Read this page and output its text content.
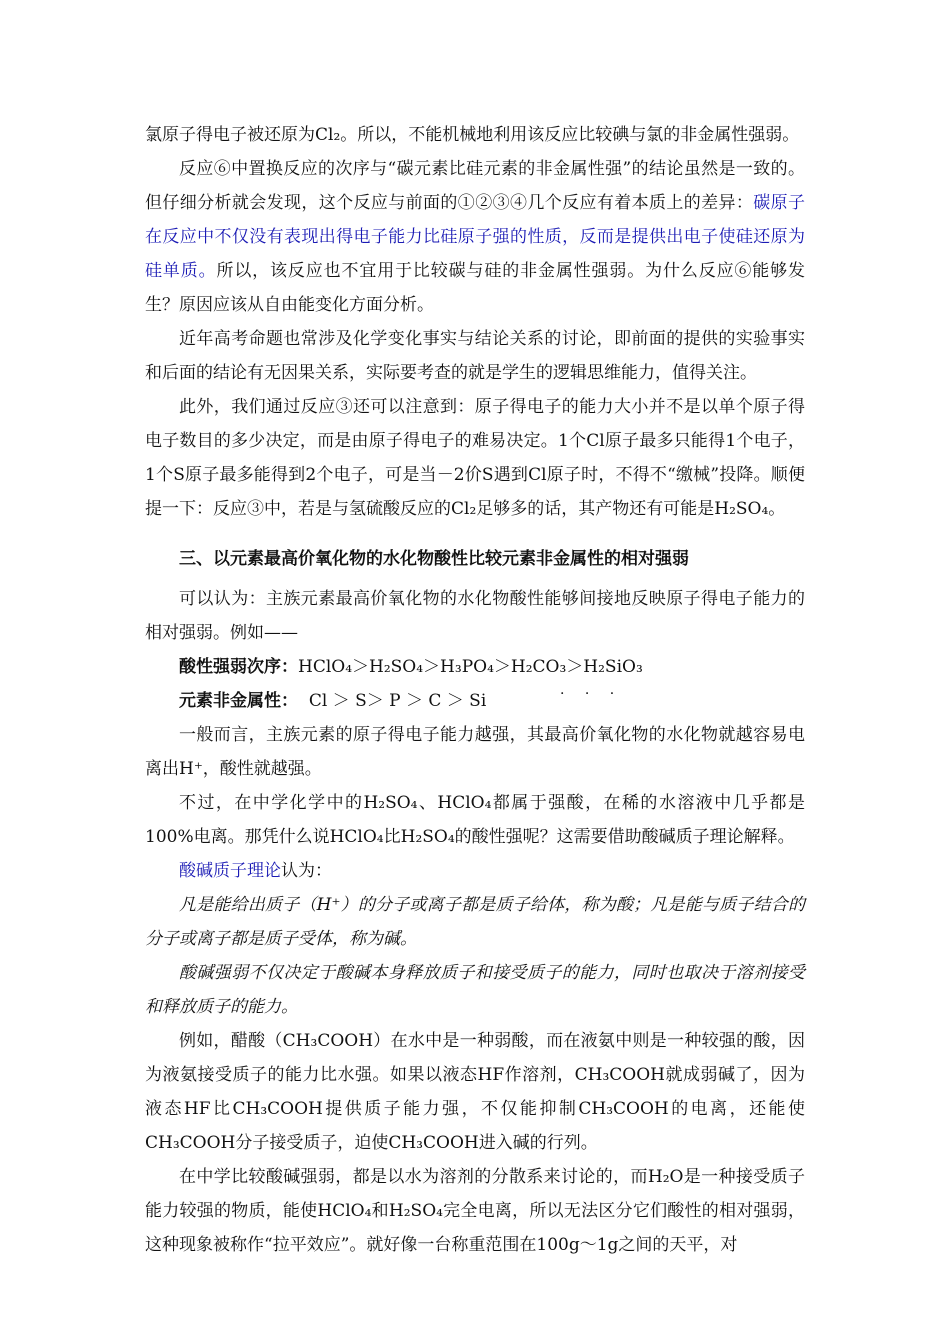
氯原子得电子被还原为Cl₂。所以，不能机械地利用该反应比较碘与氯的非金属性强弱。

反应⑥中置换反应的次序与“碳元素比硅元素的非金属性强”的结论虽然是一致的。但仔细分析就会发现，这个反应与前面的①②③④几个反应有着本质上的差异：碳原子在反应中不仅没有表现出得电子能力比硅原子强的性质，反而是提供出电子使硅还原为硅单质。所以，该反应也不宜用于比较碳与硅的非金属性强弱。为什么反应⑥能够发生？原因应该从自由能变化方面分析。

近年高考命题也常涉及化学变化事实与结论关系的讨论，即前面的提供的实验事实和后面的结论有无因果关系，实际要考查的就是学生的逻辑思维能力，值得关注。

此外，我们通过反应③还可以注意到：原子得电子的能力大小并不是以单个原子得电子数目的多少决定，而是由原子得电子的难易决定。1个Cl原子最多只能得1个电子，1个S原子最多能得到2个电子，可是当－2价S遇到Cl原子时，不得不“缴械”投降。顺便提一下：反应③中，若是与氢硫酸反应的Cl₂足够多的话，其产物还有可能是H₂SO₄。

三、以元素最高价氧化物的水化物酸性比较元素非金属性的相对强弱

可以认为：主族元素最高价氧化物的水化物酸性能够间接地反映原子得电子能力的相对强弱。例如——

酸性强弱次序：HClO₄＞H₂SO₄＞H₃PO₄＞H₂CO₃＞H₂SiO₃
元素非金属性： Cl ＞ S＞ P ＞ C ＞ Si

一般而言，主族元素的原子得电子能力越强，其最高价氧化物的水化物就越容易电离出H⁺，酸性就越强。

不过，在中学化学中的H₂SO₄、HClO₄都属于强酸，在稀的水溶液中几乎都是100%电离。那凭什么说HClO₄比H₂SO₄的酸性强呢？这需要借助酸碱质子理论解释。

酸碱质子理论认为：

凡是能给出质子（H⁺）的分子或离子都是质子给体，称为酸；凡是能与质子结合的分子或离子都是质子受体，称为碱。

酸碱强弱不仅决定于酸碱本身释放质子和接受质子的能力，同时也取决于溶剂接受和释放质子的能力。

例如，醋酸（CH₃COOH）在水中是一种弱酸，而在液氨中则是一种较强的酸，因为液氨接受质子的能力比水强。如果以液态HF作溶剂，CH₃COOH就成弱碱了，因为液态HF比CH₃COOH提供质子能力强，不仅能抑制CH₃COOH的电离，还能使CH₃COOH分子接受质子，迫使CH₃COOH进入碱的行列。

在中学比较酸碱强弱，都是以水为溶剂的分散系来讨论的，而H₂O是一种接受质子能力较强的物质，能使HClO₄和H₂SO₄完全电离，所以无法区分它们酸性的相对强弱，这种现象被称作“拉平效应”。就好像一台称重范围在100g～1g之间的天平，对

· · ·
